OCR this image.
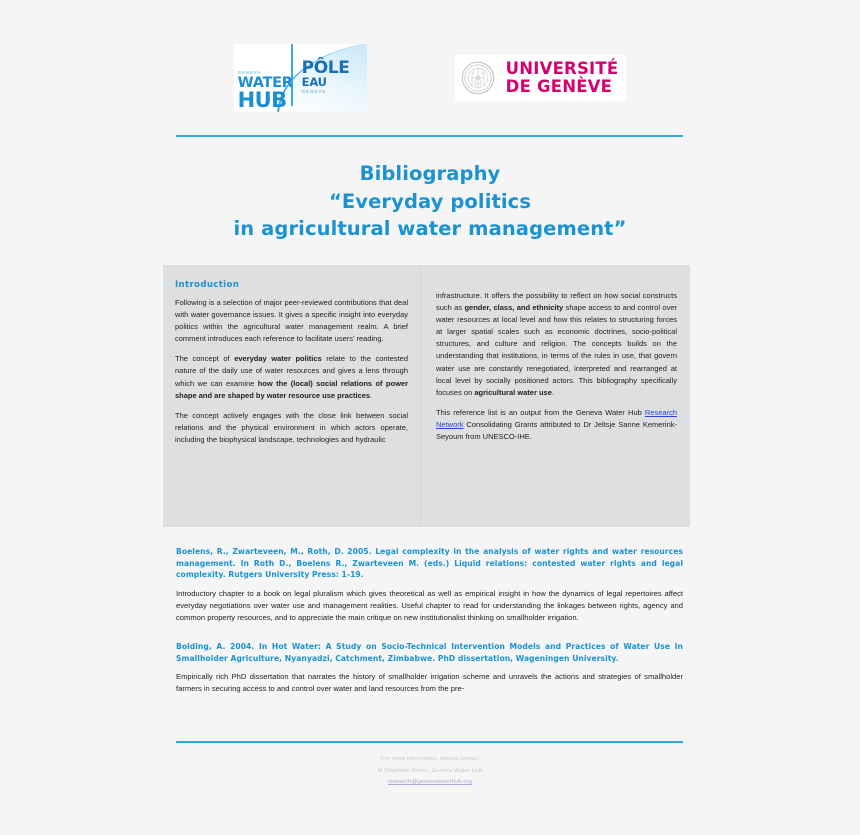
GENEVA
WATER
HUB
PÔLE
EAU
GENEVE
UNIVERSITÉ
DE GENÈVE
Bibliography
“Everyday politics
in agricultural water management”
Introduction

Following is a selection of major peer-reviewed contributions that deal with water governance issues. It gives a specific insight into everyday politics within the agricultural water management realm. A brief comment introduces each reference to facilitate users’ reading.

The concept of everyday water politics relate to the contested nature of the daily use of water resources and gives a lens through which we can examine how the (local) social relations of power shape and are shaped by water resource use practices.

The concept actively engages with the close link between social relations and the physical environment in which actors operate, including the biophysical landscape, technologies and hydraulic

infrastructure. It offers the possibility to reflect on how social constructs such as gender, class, and ethnicity shape access to and control over water resources at local level and how this relates to structuring forces at larger spatial scales such as economic doctrines, socio-political structures, and culture and religion. The concepts builds on the understanding that institutions, in terms of the rules in use, that govern water use are constantly renegotiated, interpreted and rearranged at local level by socially positioned actors. This bibliography specifically focuses on agricultural water use.

This reference list is an output from the Geneva Water Hub Research Network Consolidating Grants attributed to Dr Jeltsje Sanne Kemerink-Seyoum from UNESCO-IHE.

Boelens, R., Zwarteveen, M., Roth, D. 2005. Legal complexity in the analysis of water rights and water resources management. In Roth D., Boelens R., Zwarteveen M. (eds.) Liquid relations: contested water rights and legal complexity. Rutgers University Press: 1-19.
Introductory chapter to a book on legal pluralism which gives theoretical as well as empirical insight in how the dynamics of legal repertoires affect everyday negotiations over water use and management realities. Useful chapter to read for understanding the linkages between rights, agency and common property resources, and to appreciate the main critique on new institutionalist thinking on smallholder irrigation.
Bolding, A. 2004. In Hot Water: A Study on Socio-Technical Intervention Models and Practices of Water Use In Smallholder Agriculture, Nyanyadzi, Catchment, Zimbabwe. PhD dissertation, Wageningen University.
Empirically rich PhD dissertation that narrates the history of smallholder irrigation scheme and unravels the actions and strategies of smallholder farmers in securing access to and control over water and land resources from the pre-
For more information, please contact
M Stéphane Kluser, Geneva Water Hub
research@genevawaterhub.org
